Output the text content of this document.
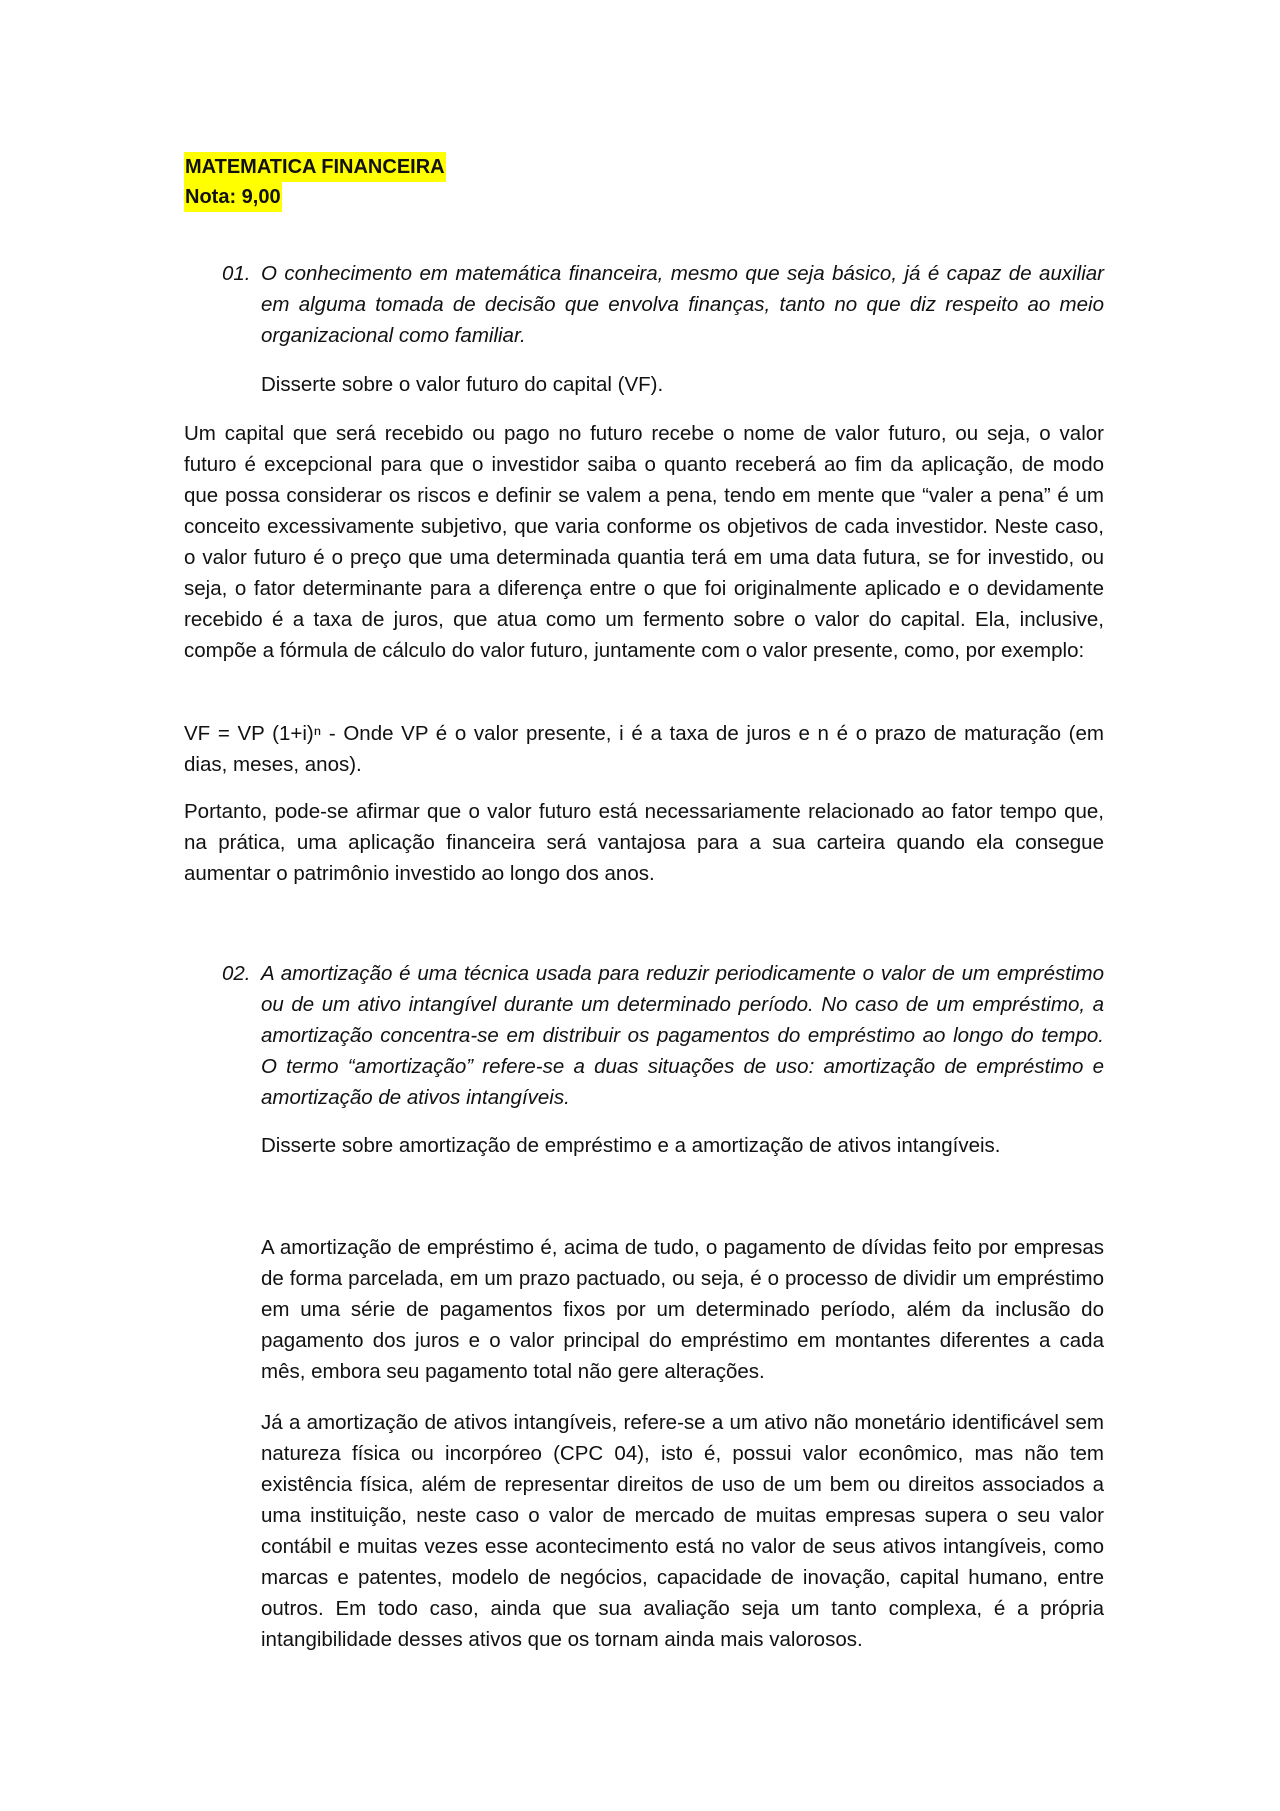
MATEMATICA FINANCEIRA
Nota: 9,00
01. O conhecimento em matemática financeira, mesmo que seja básico, já é capaz de auxiliar em alguma tomada de decisão que envolva finanças, tanto no que diz respeito ao meio organizacional como familiar.
Disserte sobre o valor futuro do capital (VF).
Um capital que será recebido ou pago no futuro recebe o nome de valor futuro, ou seja, o valor futuro é excepcional para que o investidor saiba o quanto receberá ao fim da aplicação, de modo que possa considerar os riscos e definir se valem a pena, tendo em mente que “valer a pena” é um conceito excessivamente subjetivo, que varia conforme os objetivos de cada investidor. Neste caso, o valor futuro é o preço que uma determinada quantia terá em uma data futura, se for investido, ou seja, o fator determinante para a diferença entre o que foi originalmente aplicado e o devidamente recebido é a taxa de juros, que atua como um fermento sobre o valor do capital. Ela, inclusive, compõe a fórmula de cálculo do valor futuro, juntamente com o valor presente, como, por exemplo:
VF = VP (1+i)ⁿ - Onde VP é o valor presente, i é a taxa de juros e n é o prazo de maturação (em dias, meses, anos).
Portanto, pode-se afirmar que o valor futuro está necessariamente relacionado ao fator tempo que, na prática, uma aplicação financeira será vantajosa para a sua carteira quando ela consegue aumentar o patrimônio investido ao longo dos anos.
02. A amortização é uma técnica usada para reduzir periodicamente o valor de um empréstimo ou de um ativo intangível durante um determinado período. No caso de um empréstimo, a amortização concentra-se em distribuir os pagamentos do empréstimo ao longo do tempo. O termo “amortização” refere-se a duas situações de uso: amortização de empréstimo e amortização de ativos intangíveis.
Disserte sobre amortização de empréstimo e a amortização de ativos intangíveis.
A amortização de empréstimo é, acima de tudo, o pagamento de dívidas feito por empresas de forma parcelada, em um prazo pactuado, ou seja, é o processo de dividir um empréstimo em uma série de pagamentos fixos por um determinado período, além da inclusão do pagamento dos juros e o valor principal do empréstimo em montantes diferentes a cada mês, embora seu pagamento total não gere alterações.
Já a amortização de ativos intangíveis, refere-se a um ativo não monetário identificável sem natureza física ou incorpóreo (CPC 04), isto é, possui valor econômico, mas não tem existência física, além de representar direitos de uso de um bem ou direitos associados a uma instituição, neste caso o valor de mercado de muitas empresas supera o seu valor contábil e muitas vezes esse acontecimento está no valor de seus ativos intangíveis, como marcas e patentes, modelo de negócios, capacidade de inovação, capital humano, entre outros. Em todo caso, ainda que sua avaliação seja um tanto complexa, é a própria intangibilidade desses ativos que os tornam ainda mais valorosos.
